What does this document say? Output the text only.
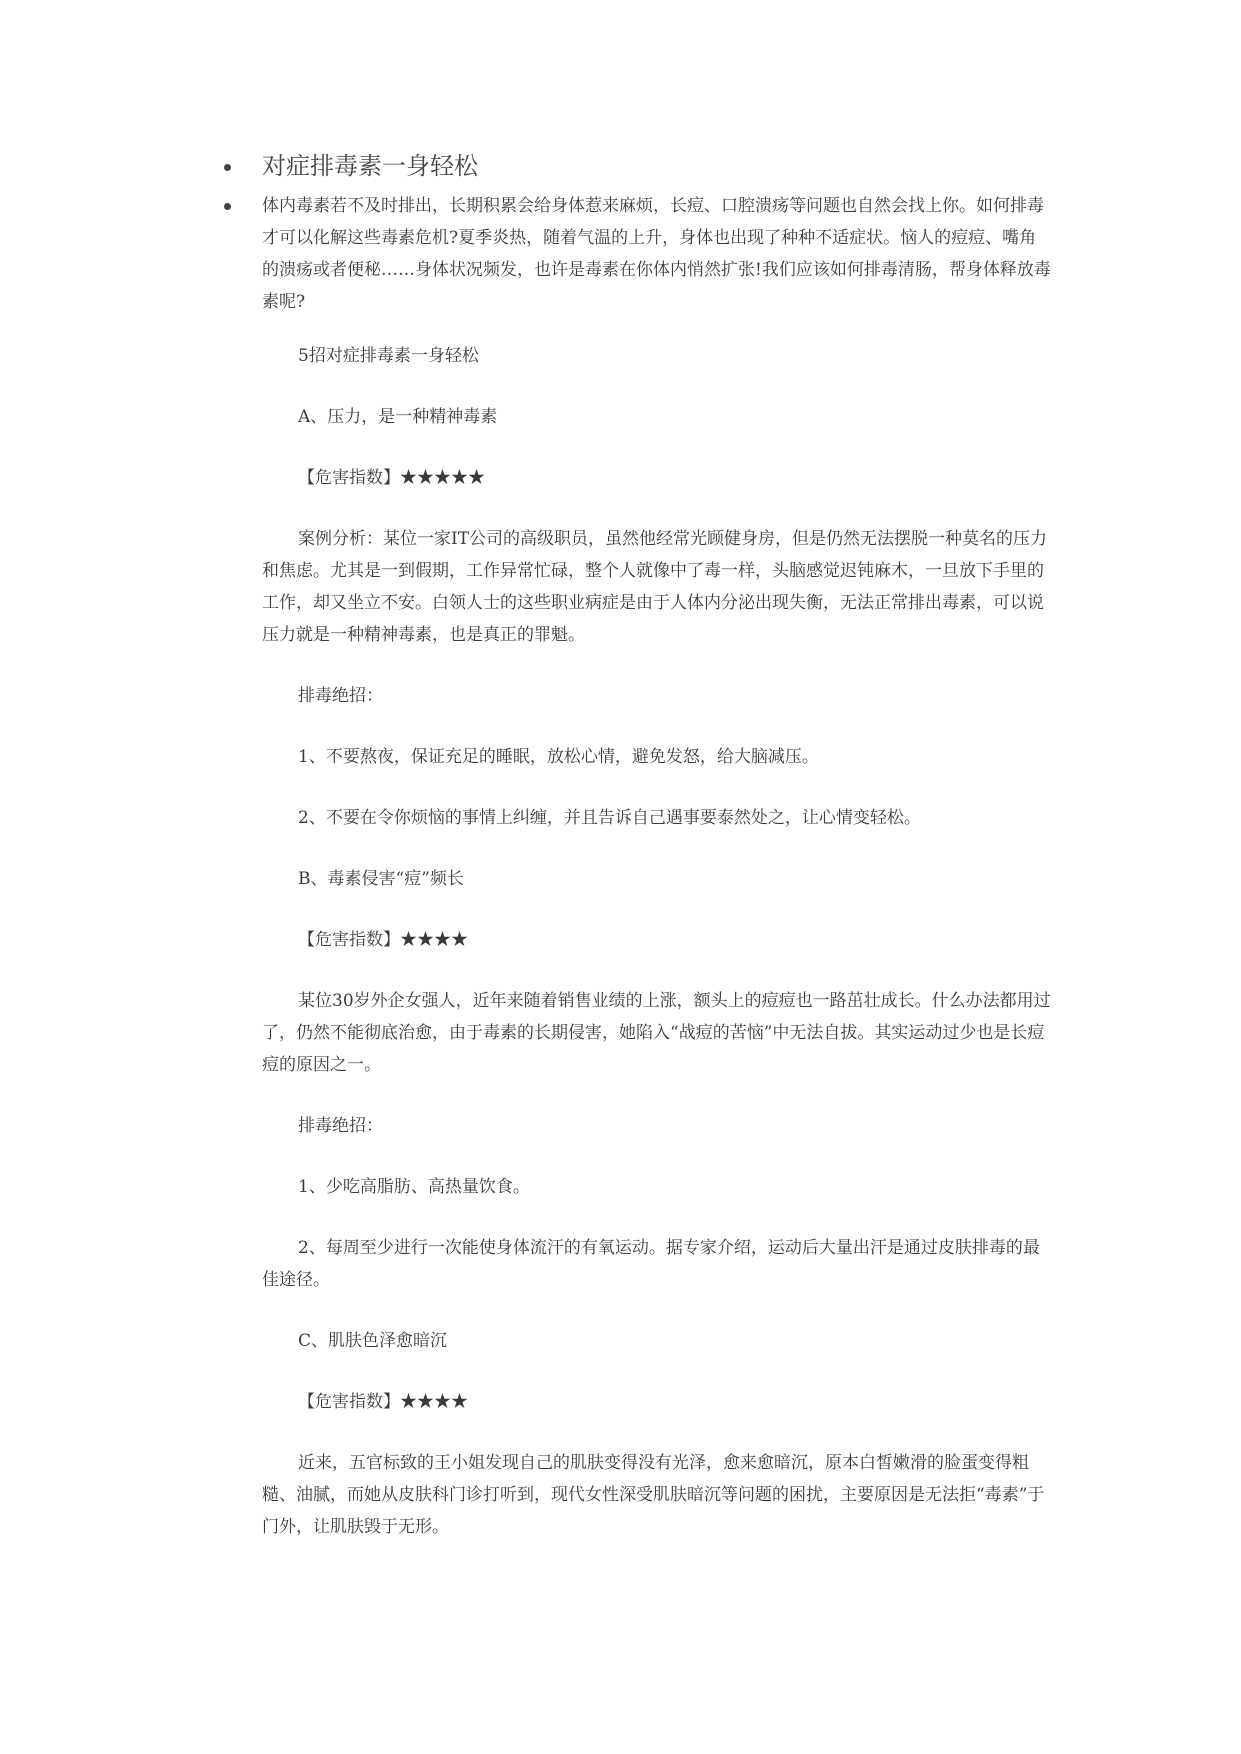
对症排毒素一身轻松
体内毒素若不及时排出，长期积累会给身体惹来麻烦，长痘、口腔溃疡等问题也自然会找上你。如何排毒才可以化解这些毒素危机?夏季炎热，随着气温的上升，身体也出现了种种不适症状。恼人的痘痘、嘴角的溃疡或者便秘……身体状况频发，也许是毒素在你体内悄然扩张!我们应该如何排毒清肠，帮身体释放毒素呢?

5招对症排毒素一身轻松

A、压力，是一种精神毒素

【危害指数】★★★★★

案例分析：某位一家IT公司的高级职员，虽然他经常光顾健身房，但是仍然无法摆脱一种莫名的压力和焦虑。尤其是一到假期，工作异常忙碌，整个人就像中了毒一样，头脑感觉迟钝麻木，一旦放下手里的工作，却又坐立不安。白领人士的这些职业病症是由于人体内分泌出现失衡，无法正常排出毒素，可以说压力就是一种精神毒素，也是真正的罪魁。

排毒绝招：

1、不要熬夜，保证充足的睡眠，放松心情，避免发怒，给大脑减压。

2、不要在令你烦恼的事情上纠缠，并且告诉自己遇事要泰然处之，让心情变轻松。

B、毒素侵害“痘”频长

【危害指数】★★★★

某位30岁外企女强人，近年来随着销售业绩的上涨，额头上的痘痘也一路茁壮成长。什么办法都用过了，仍然不能彻底治愈，由于毒素的长期侵害，她陷入“战痘的苦恼”中无法自拔。其实运动过少也是长痘痘的原因之一。

排毒绝招：

1、少吃高脂肪、高热量饮食。

2、每周至少进行一次能使身体流汗的有氧运动。据专家介绍，运动后大量出汗是通过皮肤排毒的最佳途径。

C、肌肤色泽愈暗沉

【危害指数】★★★★

近来，五官标致的王小姐发现自己的肌肤变得没有光泽，愈来愈暗沉，原本白皙嫩滑的脸蛋变得粗糙、油腻，而她从皮肤科门诊打听到，现代女性深受肌肤暗沉等问题的困扰，主要原因是无法拒“毒素”于门外，让肌肤毁于无形。
